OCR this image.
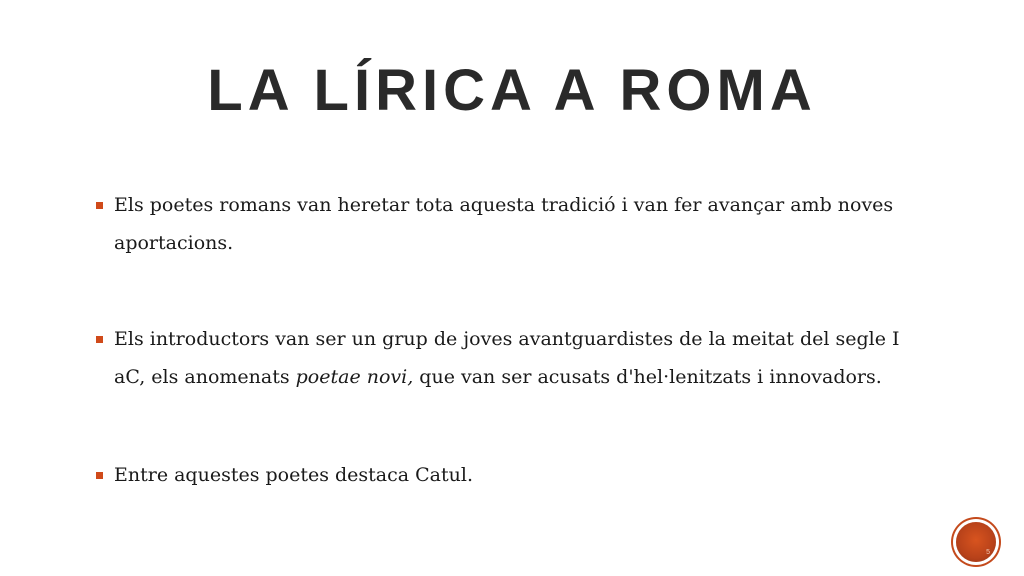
LA LÍRICA A ROMA
Els poetes romans van heretar tota aquesta tradició i van fer avançar amb noves aportacions.
Els introductors van ser un grup de joves avantguardistes de la meitat del segle I aC, els anomenats poetae novi, que van ser acusats d'hel·lenitzats i innovadors.
Entre aquestes poetes destaca Catul.
5
